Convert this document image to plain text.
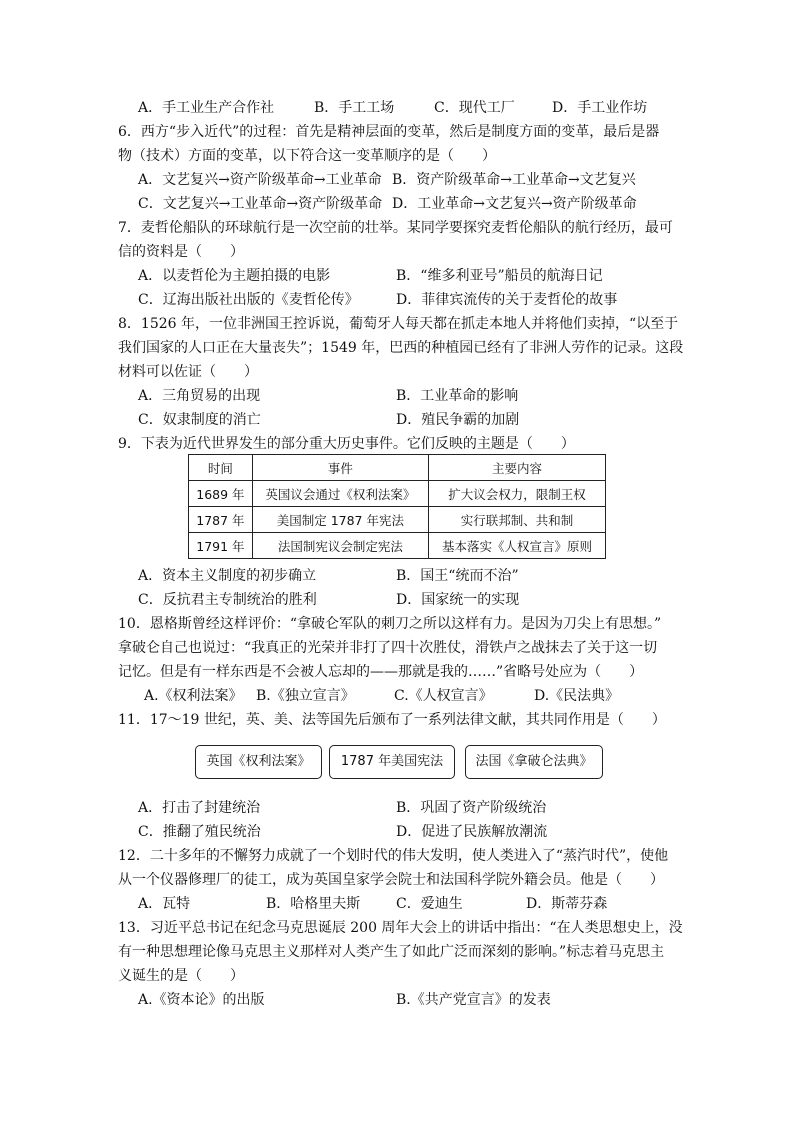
A．手工业生产合作社	B．手工工场	C．现代工厂	D．手工业作坊
6．西方“步入近代”的过程：首先是精神层面的变革，然后是制度方面的变革，最后是器
物（技术）方面的变革，以下符合这一变革顺序的是（　　）
A．文艺复兴→资产阶级革命→工业革命 B．资产阶级革命→工业革命→文艺复兴
C．文艺复兴→工业革命→资产阶级革命 D．工业革命→文艺复兴→资产阶级革命
7．麦哲伦船队的环球航行是一次空前的壮举。某同学要探究麦哲伦船队的航行经历，最可
信的资料是（　　）
A．以麦哲伦为主题拍摄的电影	B．“维多利亚号”船员的航海日记
C．辽海出版社出版的《麦哲伦传》	D．菲律宾流传的关于麦哲伦的故事
8．1526 年，一位非洲国王控诉说，葡萄牙人每天都在抓走本地人并将他们卖掉，“以至于
我们国家的人口正在大量丧失”；1549 年，巴西的种植园已经有了非洲人劳作的记录。这段
材料可以佐证（　　）
A．三角贸易的出现	B．工业革命的影响
C．奴隶制度的消亡	D．殖民争霸的加剧
9．下表为近代世界发生的部分重大历史事件。它们反映的主题是（　　）
时间	事件	主要内容
1689 年	英国议会通过《权利法案》	扩大议会权力，限制王权
1787 年	美国制定 1787 年宪法	实行联邦制、共和制
1791 年	法国制宪议会制定宪法	基本落实《人权宣言》原则
A．资本主义制度的初步确立	B．国王“统而不治”
C．反抗君主专制统治的胜利	D．国家统一的实现
10．恩格斯曾经这样评价：“拿破仑军队的刺刀之所以这样有力。是因为刀尖上有思想。”
拿破仑自己也说过：“我真正的光荣并非打了四十次胜仗，滑铁卢之战抹去了关于这一切
记忆。但是有一样东西是不会被人忘却的——那就是我的……”省略号处应为（　　）
A.《权利法案》 B.《独立宣言》	C.《人权宣言》	D.《民法典》
11．17～19 世纪，英、美、法等国先后颁布了一系列法律文献，其共同作用是（　　）
英国《权利法案》	1787 年美国宪法	法国《拿破仑法典》
A．打击了封建统治	B．巩固了资产阶级统治
C．推翻了殖民统治	D．促进了民族解放潮流
12．二十多年的不懈努力成就了一个划时代的伟大发明，使人类进入了“蒸汽时代”，使他
从一个仪器修理厂的徒工，成为英国皇家学会院士和法国科学院外籍会员。他是（　　）
A．瓦特	B．哈格里夫斯	C．爱迪生	D．斯蒂芬森
13．习近平总书记在纪念马克思诞辰 200 周年大会上的讲话中指出：“在人类思想史上，没
有一种思想理论像马克思主义那样对人类产生了如此广泛而深刻的影响。”标志着马克思主
义诞生的是（　　）
A.《资本论》的出版	B.《共产党宣言》的发表
